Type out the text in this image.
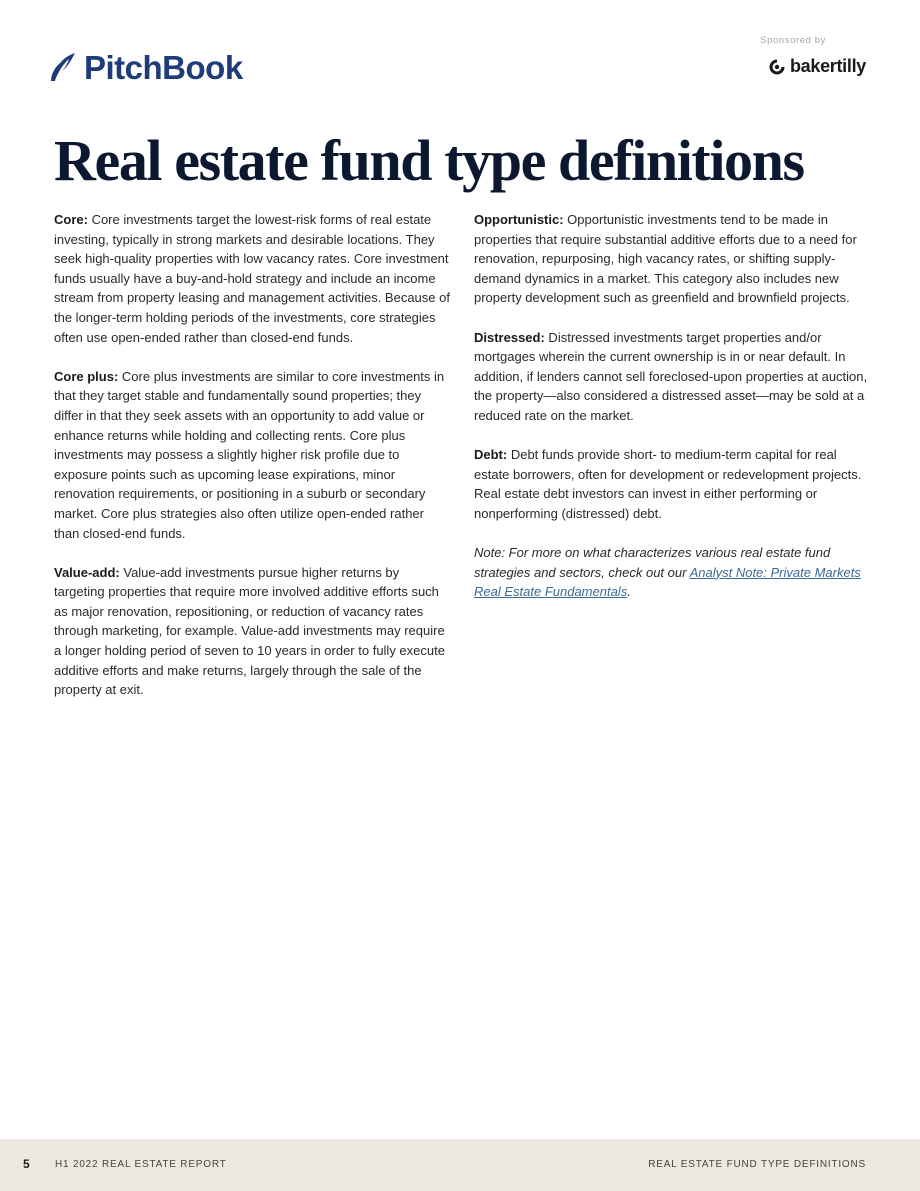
PitchBook
Sponsored by
bakertilly
Real estate fund type definitions

Core: Core investments target the lowest-risk forms of real estate investing, typically in strong markets and desirable locations. They seek high-quality properties with low vacancy rates. Core investment funds usually have a buy-and-hold strategy and include an income stream from property leasing and management activities. Because of the longer-term holding periods of the investments, core strategies often use open-ended rather than closed-end funds.

Core plus: Core plus investments are similar to core investments in that they target stable and fundamentally sound properties; they differ in that they seek assets with an opportunity to add value or enhance returns while holding and collecting rents. Core plus investments may possess a slightly higher risk profile due to exposure points such as upcoming lease expirations, minor renovation requirements, or positioning in a suburb or secondary market. Core plus strategies also often utilize open-ended rather than closed-end funds.

Value-add: Value-add investments pursue higher returns by targeting properties that require more involved additive efforts such as major renovation, repositioning, or reduction of vacancy rates through marketing, for example. Value-add investments may require a longer holding period of seven to 10 years in order to fully execute additive efforts and make returns, largely through the sale of the property at exit.

Opportunistic: Opportunistic investments tend to be made in properties that require substantial additive efforts due to a need for renovation, repurposing, high vacancy rates, or shifting supply-demand dynamics in a market. This category also includes new property development such as greenfield and brownfield projects.

Distressed: Distressed investments target properties and/or mortgages wherein the current ownership is in or near default. In addition, if lenders cannot sell foreclosed-upon properties at auction, the property—also considered a distressed asset—may be sold at a reduced rate on the market.

Debt: Debt funds provide short- to medium-term capital for real estate borrowers, often for development or redevelopment projects. Real estate debt investors can invest in either performing or nonperforming (distressed) debt.

Note: For more on what characterizes various real estate fund strategies and sectors, check out our Analyst Note: Private Markets Real Estate Fundamentals.

5	H1 2022 REAL ESTATE REPORT	REAL ESTATE FUND TYPE DEFINITIONS
